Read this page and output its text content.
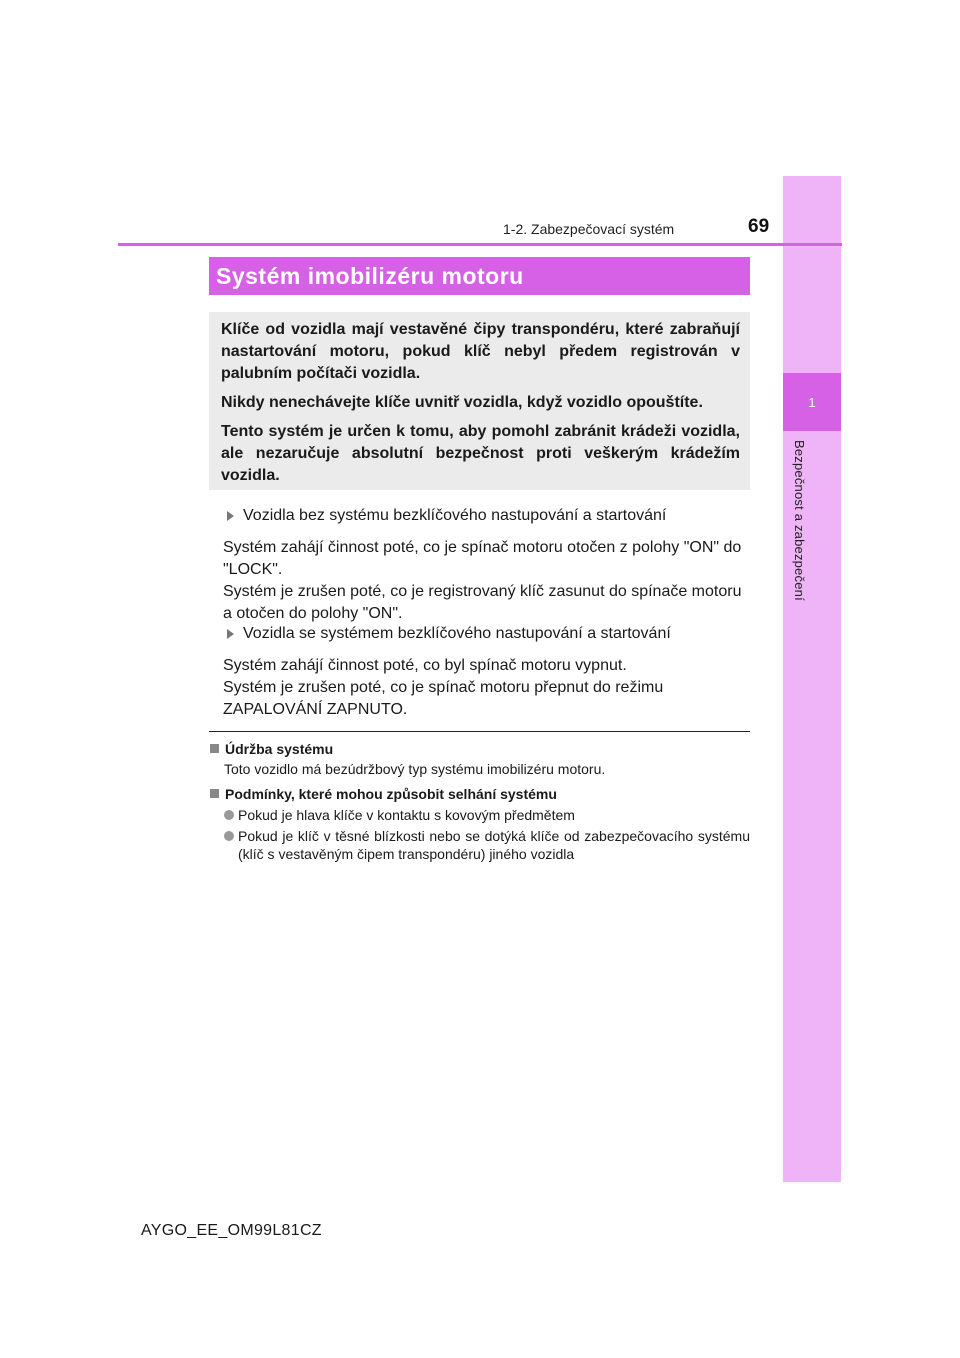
1
Bezpečnost a zabezpečení
1-2. Zabezpečovací systém	69
Systém imobilizéru motoru

Klíče od vozidla mají vestavěné čipy transpondéru, které zabraňují nastartování motoru, pokud klíč nebyl předem registrován v palubním počítači vozidla.

Nikdy nenechávejte klíče uvnitř vozidla, když vozidlo opouštíte.

Tento systém je určen k tomu, aby pomohl zabránit krádeži vozidla, ale nezaručuje absolutní bezpečnost proti veškerým krádežím vozidla.

Vozidla bez systému bezklíčového nastupování a startování

Systém zahájí činnost poté, co je spínač motoru otočen z polohy "ON" do "LOCK".

Systém je zrušen poté, co je registrovaný klíč zasunut do spínače motoru a otočen do polohy "ON".

Vozidla se systémem bezklíčového nastupování a startování

Systém zahájí činnost poté, co byl spínač motoru vypnut.

Systém je zrušen poté, co je spínač motoru přepnut do režimu ZAPALOVÁNÍ ZAPNUTO.

Údržba systému
Toto vozidlo má bezúdržbový typ systému imobilizéru motoru.
Podmínky, které mohou způsobit selhání systému
Pokud je hlava klíče v kontaktu s kovovým předmětem
Pokud je klíč v těsné blízkosti nebo se dotýká klíče od zabezpečovacího systému (klíč s vestavěným čipem transpondéru) jiného vozidla
AYGO_EE_OM99L81CZ
